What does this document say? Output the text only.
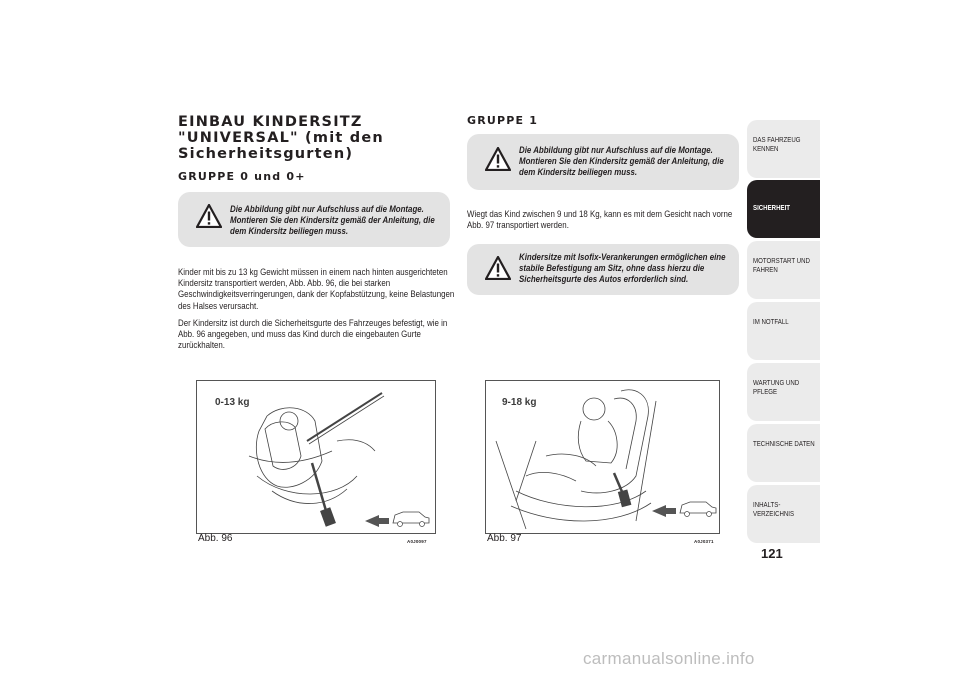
EINBAU KINDERSITZ "UNIVERSAL" (mit den Sicherheitsgurten)
GRUPPE 0 und 0+
Die Abbildung gibt nur Aufschluss auf die Montage. Montieren Sie den Kindersitz gemäß der Anleitung, die dem Kindersitz beiliegen muss.
Kinder mit bis zu 13 kg Gewicht müssen in einem nach hinten ausgerichteten Kindersitz transportiert werden, Abb. Abb. 96, die bei starken Geschwindigkeitsverringerungen, dank der Kopfabstützung, keine Belastungen des Halses verursacht.
Der Kindersitz ist durch die Sicherheitsgurte des Fahrzeuges befestigt, wie in Abb. 96 angegeben, und muss das Kind durch die eingebauten Gurte zurückhalten.
0-13 kg
Abb. 96	A0J0097
GRUPPE 1
Die Abbildung gibt nur Aufschluss auf die Montage. Montieren Sie den Kindersitz gemäß der Anleitung, die dem Kindersitz beiliegen muss.
Wiegt das Kind zwischen 9 und 18 Kg, kann es mit dem Gesicht nach vorne Abb. 97 transportiert werden.
Kindersitze mit Isofix-Verankerungen ermöglichen eine stabile Befestigung am Sitz, ohne dass hierzu die Sicherheitsgurte des Autos erforderlich sind.
9-18 kg
Abb. 97	A0J0371
DAS FAHRZEUG KENNEN
SICHERHEIT
MOTORSTART UND FAHREN
IM NOTFALL
WARTUNG UND PFLEGE
TECHNISCHE DATEN
INHALTS-VERZEICHNIS
121
carmanualsonline.info
